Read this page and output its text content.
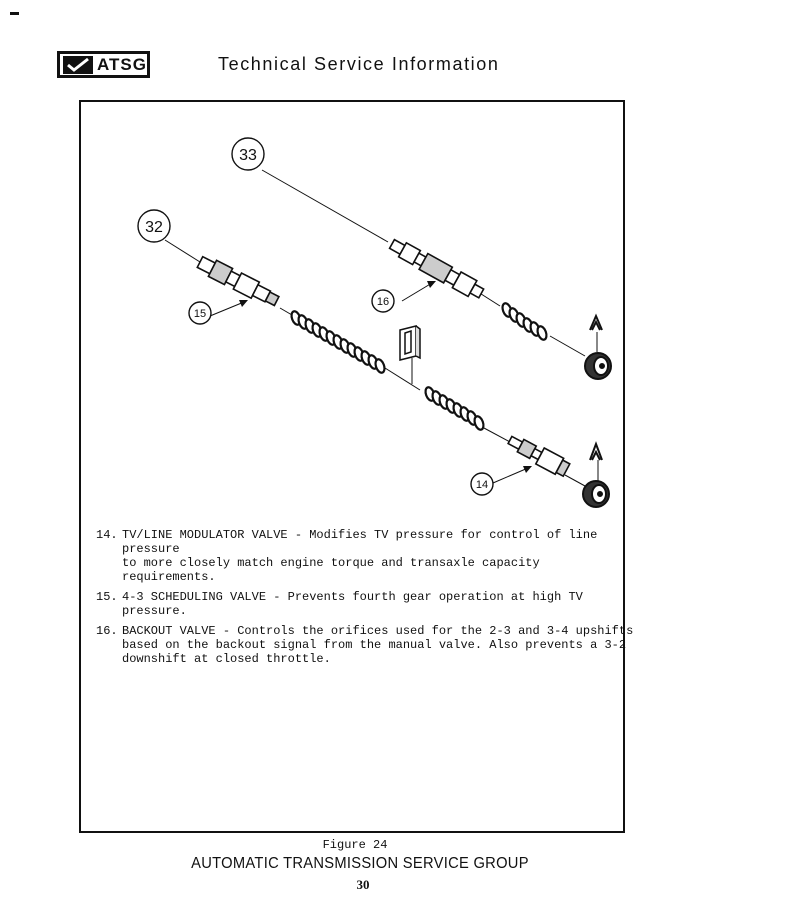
ATSG	Technical Service Information
33
32
16
15
14
14. TV/LINE MODULATOR VALVE - Modifies TV pressure for control of line pressure
to more closely match engine torque and transaxle capacity requirements.
15. 4-3 SCHEDULING VALVE - Prevents fourth gear operation at high TV pressure.
16. BACKOUT VALVE - Controls the orifices used for the 2-3 and 3-4 upshifts
based on the backout signal from the manual valve. Also prevents a 3-2
downshift at closed throttle.
Figure 24
AUTOMATIC TRANSMISSION SERVICE GROUP
30
